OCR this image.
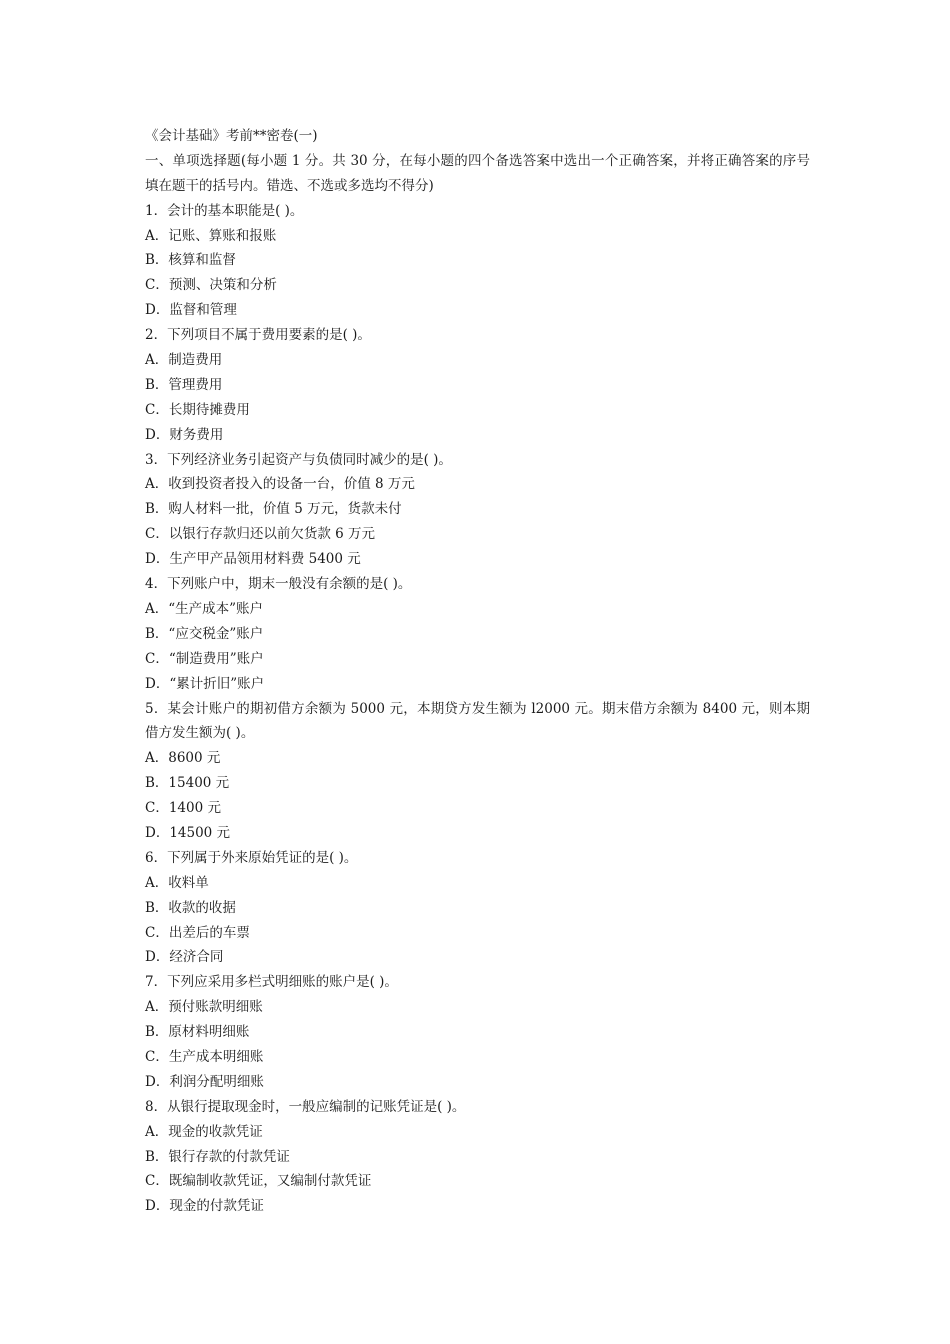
《会计基础》考前**密卷(一)
一、单项选择题(每小题 1 分。共 30 分，在每小题的四个备选答案中选出一个正确答案，并将正确答案的序号填在题干的括号内。错选、不选或多选均不得分)
1．会计的基本职能是( )。
A．记账、算账和报账
B．核算和监督
C．预测、决策和分析
D．监督和管理
2．下列项目不属于费用要素的是( )。
A．制造费用
B．管理费用
C．长期待摊费用
D．财务费用
3．下列经济业务引起资产与负债同时减少的是( )。
A．收到投资者投入的设备一台，价值 8 万元
B．购人材料一批，价值 5 万元，货款未付
C．以银行存款归还以前欠货款 6 万元
D．生产甲产品领用材料费 5400 元
4．下列账户中，期末一般没有余额的是( )。
A．“生产成本”账户
B．“应交税金”账户
C．“制造费用”账户
D．“累计折旧”账户
5．某会计账户的期初借方余额为 5000 元，本期贷方发生额为 l2000 元。期末借方余额为 8400 元，则本期借方发生额为( )。
A．8600 元
B．15400 元
C．1400 元
D．14500 元
6．下列属于外来原始凭证的是( )。
A．收料单
B．收款的收据
C．出差后的车票
D．经济合同
7．下列应采用多栏式明细账的账户是( )。
A．预付账款明细账
B．原材料明细账
C．生产成本明细账
D．利润分配明细账
8．从银行提取现金时，一般应编制的记账凭证是( )。
A．现金的收款凭证
B．银行存款的付款凭证
C．既编制收款凭证，又编制付款凭证
D．现金的付款凭证
